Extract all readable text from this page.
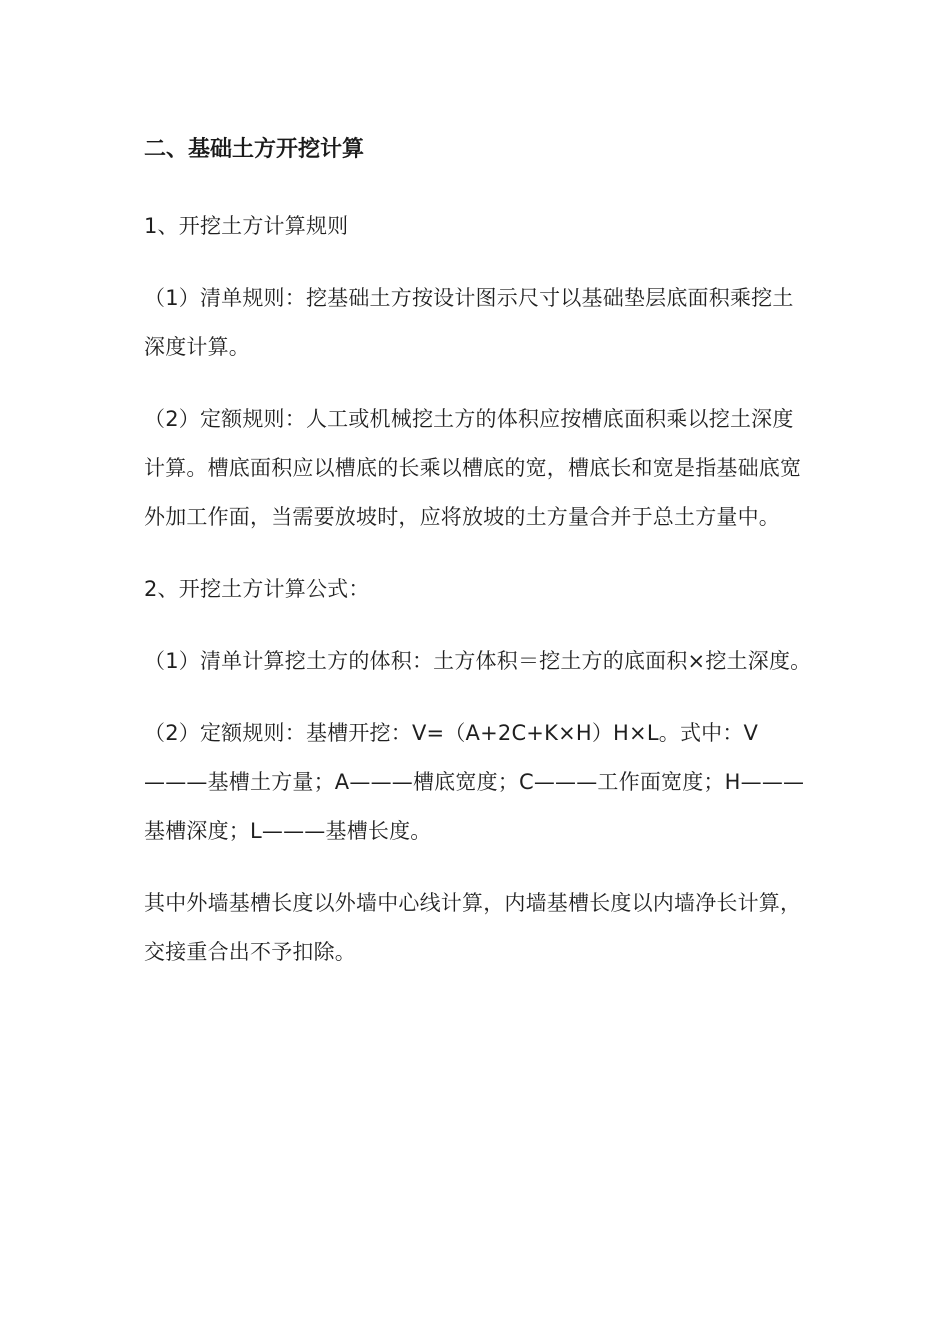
二、基础土方开挖计算
1、开挖土方计算规则
（1）清单规则：挖基础土方按设计图示尺寸以基础垫层底面积乘挖土深度计算。
（2）定额规则：人工或机械挖土方的体积应按槽底面积乘以挖土深度计算。槽底面积应以槽底的长乘以槽底的宽，槽底长和宽是指基础底宽外加工作面，当需要放坡时，应将放坡的土方量合并于总土方量中。
2、开挖土方计算公式：
（1）清单计算挖土方的体积：土方体积＝挖土方的底面积×挖土深度。
（2）定额规则：基槽开挖：V=（A+2C+K×H）H×L。式中：V———基槽土方量；A———槽底宽度；C———工作面宽度；H———基槽深度；L———基槽长度。
其中外墙基槽长度以外墙中心线计算，内墙基槽长度以内墙净长计算，交接重合出不予扣除。
